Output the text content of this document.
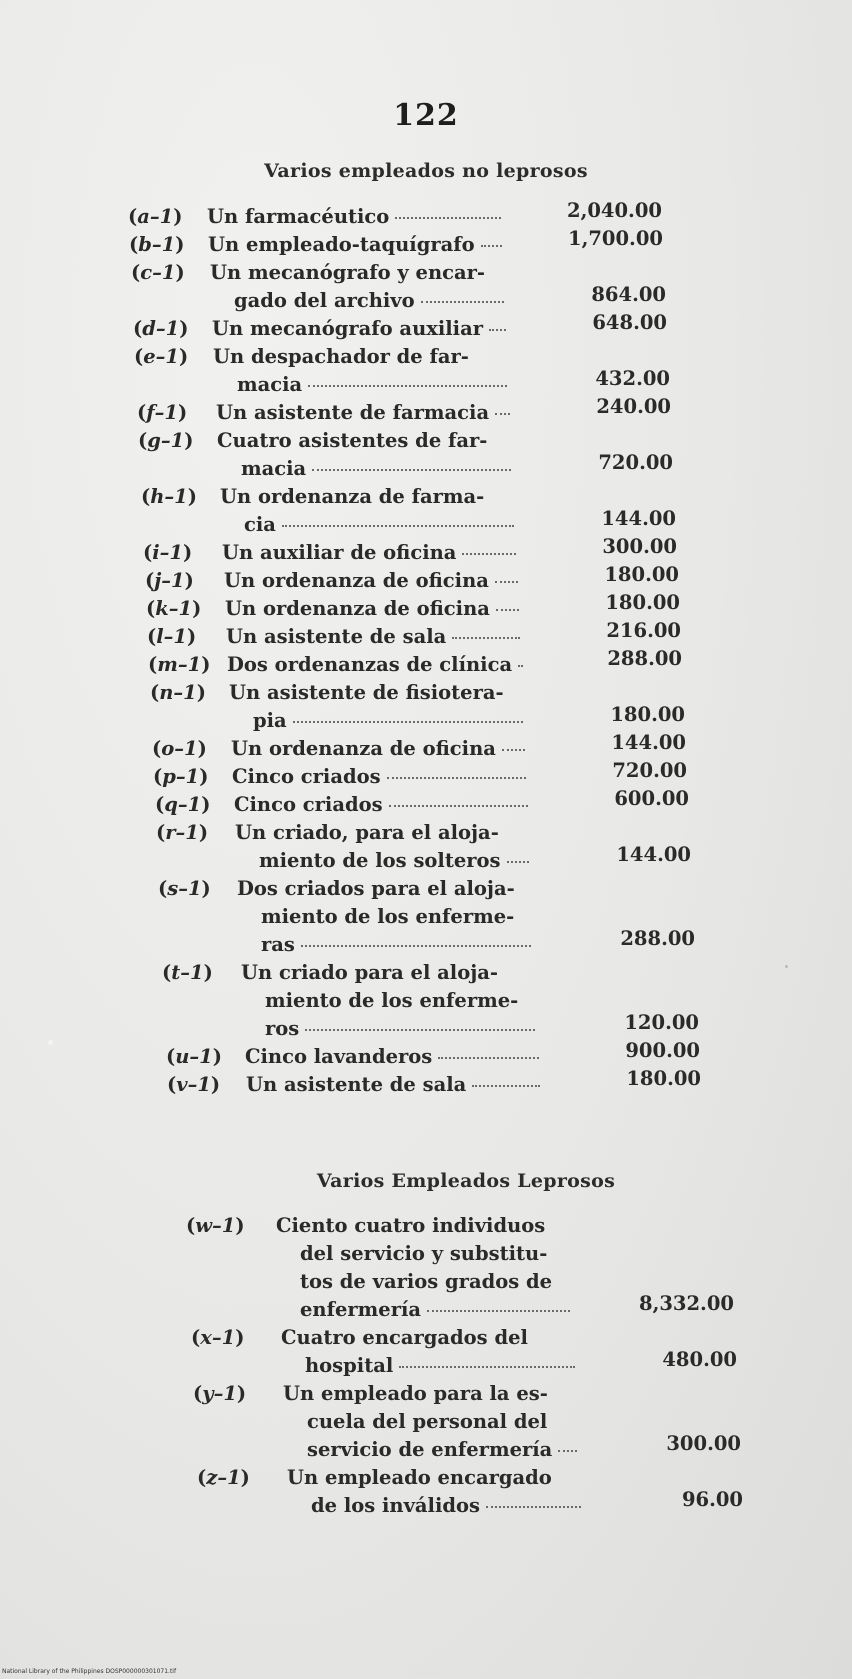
122
Varios empleados no leprosos
(a–1) Un farmacéutico	2,040.00
(b–1) Un empleado-taquígrafo	1,700.00
(c–1) Un mecanógrafo y encar-
gado del archivo	864.00
(d–1) Un mecanógrafo auxiliar	648.00
(e–1) Un despachador de far-
macia	432.00
(f–1) Un asistente de farmacia	240.00
(g–1) Cuatro asistentes de far-
macia	720.00
(h–1) Un ordenanza de farma-
cia	144.00
(i–1) Un auxiliar de oficina	300.00
(j–1) Un ordenanza de oficina	180.00
(k–1) Un ordenanza de oficina	180.00
(l–1) Un asistente de sala	216.00
(m–1) Dos ordenanzas de clínica	288.00
(n–1) Un asistente de fisiotera-
pia	180.00
(o–1) Un ordenanza de oficina	144.00
(p–1) Cinco criados	720.00
(q–1) Cinco criados	600.00
(r–1) Un criado, para el aloja-
miento de los solteros	144.00
(s–1) Dos criados para el aloja-
miento de los enferme-
ras	288.00
(t–1) Un criado para el aloja-
miento de los enferme-
ros	120.00
(u–1) Cinco lavanderos	900.00
(v–1) Un asistente de sala	180.00
Varios Empleados Leprosos
(w–1) Ciento cuatro individuos
del servicio y substitu-
tos de varios grados de
enfermería	8,332.00
(x–1) Cuatro encargados del
hospital	480.00
(y–1) Un empleado para la es-
cuela del personal del
servicio de enfermería	300.00
(z–1) Un empleado encargado
de los inválidos	96.00
National Library of the Philippines DOSP000000301071.tif
